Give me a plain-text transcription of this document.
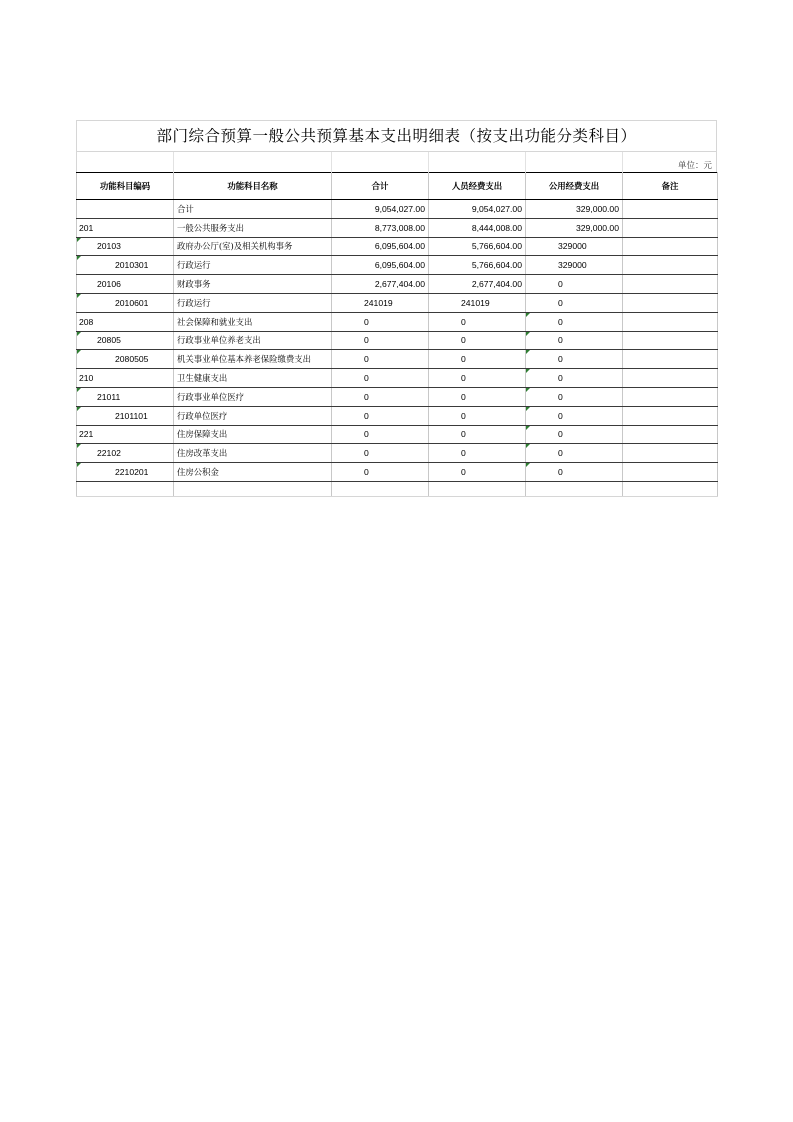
部门综合预算一般公共预算基本支出明细表（按支出功能分类科目）
单位：元
功能科目编码	功能科目名称	合计	人员经费支出	公用经费支出	备注
	合计	9,054,027.00	9,054,027.00	329,000.00	
201	一般公共服务支出	8,773,008.00	8,444,008.00	329,000.00	
20103	政府办公厅(室)及相关机构事务	6,095,604.00	5,766,604.00	329000	
2010301	行政运行	6,095,604.00	5,766,604.00	329000	
20106	财政事务	2,677,404.00	2,677,404.00	0	
2010601	行政运行	241019	241019	0	
208	社会保障和就业支出	0	0	0	
20805	行政事业单位养老支出	0	0	0	
2080505	机关事业单位基本养老保险缴费支出	0	0	0	
210	卫生健康支出	0	0	0	
21011	行政事业单位医疗	0	0	0	
2101101	行政单位医疗	0	0	0	
221	住房保障支出	0	0	0	
22102	住房改革支出	0	0	0	
2210201	住房公积金	0	0	0	
